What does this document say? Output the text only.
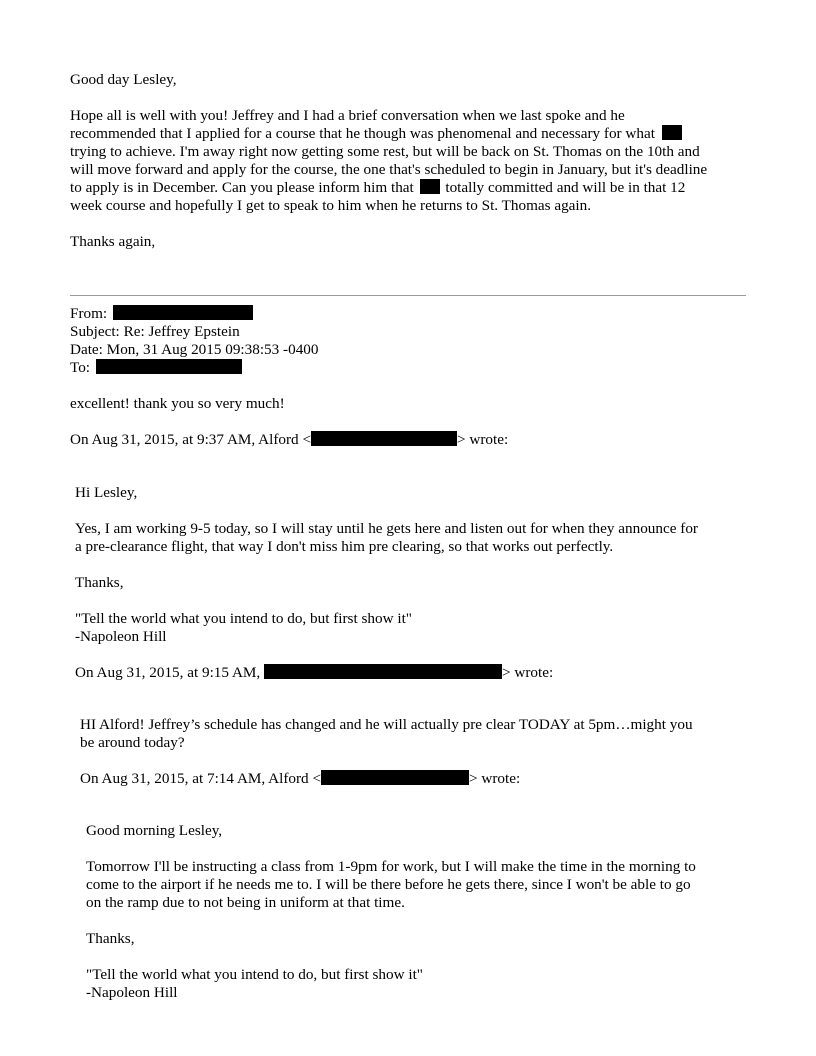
Good day Lesley,

Hope all is well with you! Jeffrey and I had a brief conversation when we last spoke and he

recommended that I applied for a course that he though was phenomenal and necessary for what

trying to achieve. I'm away right now getting some rest, but will be back on St. Thomas on the 10th and

will move forward and apply for the course, the one that's scheduled to begin in January, but it's deadline

to apply is in December. Can you please inform him that totally committed and will be in that 12

week course and hopefully I get to speak to him when he returns to St. Thomas again.

Thanks again,

From:

Subject: Re: Jeffrey Epstein

Date: Mon, 31 Aug 2015 09:38:53 -0400

To:

excellent! thank you so very much!

On Aug 31, 2015, at 9:37 AM, Alford <	> wrote:

Hi Lesley,

Yes, I am working 9-5 today, so I will stay until he gets here and listen out for when they announce for

a pre-clearance flight, that way I don't miss him pre clearing, so that works out perfectly.

Thanks,

"Tell the world what you intend to do, but first show it"

-Napoleon Hill

On Aug 31, 2015, at 9:15 AM,	> wrote:

HI Alford! Jeffrey’s schedule has changed and he will actually pre clear TODAY at 5pm…might you

be around today?

On Aug 31, 2015, at 7:14 AM, Alford <	> wrote:

Good morning Lesley,

Tomorrow I'll be instructing a class from 1-9pm for work, but I will make the time in the morning to

come to the airport if he needs me to. I will be there before he gets there, since I won't be able to go

on the ramp due to not being in uniform at that time.

Thanks,

"Tell the world what you intend to do, but first show it"

-Napoleon Hill
